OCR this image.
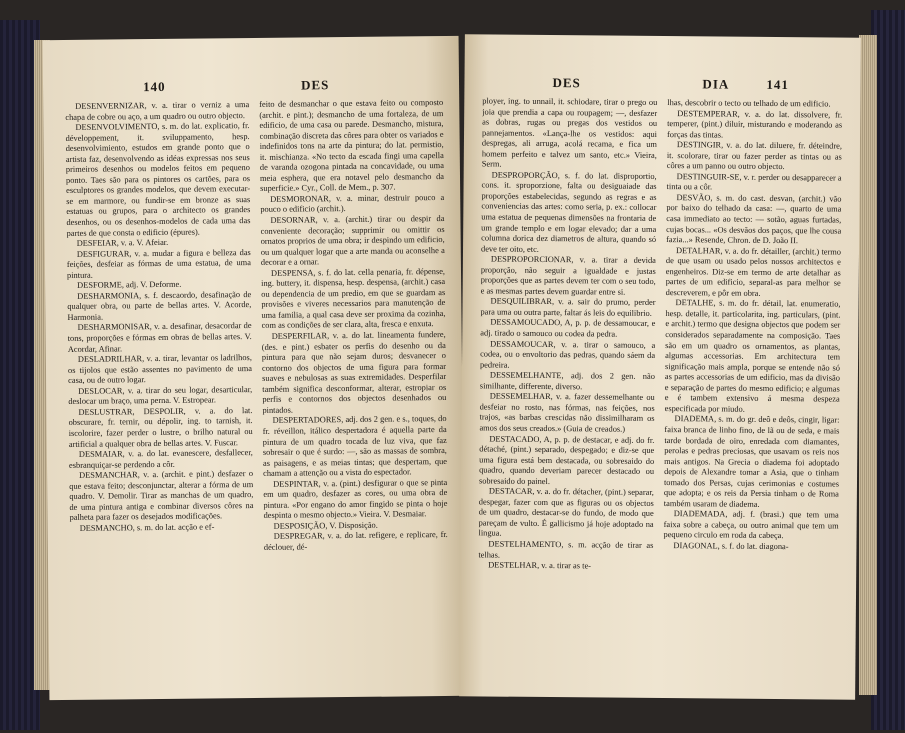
140	DES

DESENVERNIZAR, v. a. tirar o verniz a uma chapa de cobre ou aço, a um quadro ou outro objecto.

DESENVOLVIMENTO, s. m. do lat. explicatio, fr. développement, it. sviluppamento, hesp. desenvolvimiento, estudos em grande ponto que o artista faz, desenvolvendo as idéas expressas nos seus primeiros desenhos ou modelos feitos em pequeno ponto. Taes são para os pintores os cartões, para os esculptores os grandes modelos, que devem executar-se em marmore, ou fundir-se em bronze as suas estatuas ou grupos, para o architecto os grandes desenhos, ou os desenhos-modelos de cada uma das partes de que consta o edificio (épures).

DESFEIAR, v. a. V. Afeiar.

DESFIGURAR, v. a. mudar a figura e belleza das feições, desfeiar as fórmas de uma estatua, de uma pintura.

DESFORME, adj. V. Deforme.

DESHARMONIA, s. f. descaordo, desafinação de qualquer obra, ou parte de bellas artes. V. Acorde, Harmonia.

DESHARMONISAR, v. a. desafinar, desacordar de tons, proporções e fórmas em obras de bellas artes. V. Acordar, Afinar.

DESLADRILHAR, v. a. tirar, levantar os ladrilhos, os tijolos que estão assentes no pavimento de uma casa, ou de outro logar.

DESLOCAR, v. a. tirar do seu logar, desarticular, deslocar um braço, uma perna. V. Estropear.

DESLUSTRAR, DESPOLIR, v. a. do lat. obscurare, fr. ternir, ou dépolir, ing. to tarnish, it. iscolorire, fazer perder o lustre, o brilho natural ou artificial a qualquer obra de bellas artes. V. Fuscar.

DESMAIAR, v. a. do lat. evanescere, desfallecer, esbranquiçar-se perdendo a côr.

DESMANCHAR, v. a. (archit. e pint.) desfazer o que estava feito; desconjunctar, alterar a fórma de um quadro. V. Demolir. Tirar as manchas de um quadro, de uma pintura antiga e combinar diversos côres na palheta para fazer os desejados modificações.

DESMANCHO, s. m. do lat. acção e ef-

feito de desmanchar o que estava feito ou composto (archit. e pint.); desmancho de uma fortaleza, de um edificio, de uma casa ou parede. Desmancho, mistura, combinação discreta das côres para obter os variados e indefinidos tons na arte da pintura; do lat. permistio, it. mischianza. «No tecto da escada fingi uma capella de varanda ozogona pintada na concavidade, ou uma meia esphera, que era notavel pelo desmancho da superficie.» Cyr., Coll. de Mem., p. 307.

DESMORONAR, v. a. minar, destruir pouco a pouco o edificio (archit.).

DESORNAR, v. a. (archit.) tirar ou despir da conveniente decoração; supprimir ou omittir os ornatos proprios de uma obra; ir despindo um edificio, ou um qualquer logar que a arte manda ou aconselhe a decorar e a ornar.

DESPENSA, s. f. do lat. cella penaria, fr. dépense, ing. buttery, it. dispensa, hesp. despensa, (archit.) casa ou dependencia de um predio, em que se guardam as provisões e viveres necessarios para manutenção de uma familia, a qual casa deve ser proxima da cozinha, com as condições de ser clara, alta, fresca e enxuta.

DESPERFILAR, v. a. do lat. lineamenta fundere, (des. e pint.) esbater os perfis do desenho ou da pintura para que não sejam duros; desvanecer o contorno dos objectos de uma figura para formar suaves e nebulosas as suas extremidades. Desperfilar também significa desconformar, alterar, estropiar os perfis e contornos dos objectos desenhados ou pintados.

DESPERTADORES, adj. dos 2 gen. e s., toques, do fr. réveillon, itálico despertadora é aquella parte da pintura de um quadro tocada de luz viva, que faz sobresair o que é surdo: —, são as massas de sombra, as paisagens, e as meias tintas; que despertam, que chamam a attenção ou a vista do espectador.

DESPINTAR, v. a. (pint.) desfigurar o que se pinta em um quadro, desfazer as cores, ou uma obra de pintura. «Por engano do amor fingido se pinta o hoje despinta o mesmo objecto.» Vieira. V. Desmaiar.

DESPOSIÇÃO, V. Disposição.

DESPREGAR, v. a. do lat. refigere, e replicare, fr. déclouer, dé-

DES	DIA	141

ployer, ing. to unnail, it. schiodare, tirar o prego ou joia que prendia a capa ou roupagem; —, desfazer as dobras, rugas ou pregas dos vestidos ou pannejamentos. «Lança-lhe os vestidos: aqui despregas, ali arruga, acolá recama, e fica um homem perfeito e talvez um santo, etc.» Vieira, Serm.

DESPROPORÇÃO, s. f. do lat. disproportio, cons. it. sproporzione, falta ou desiguaiade das proporções estabelecidas, segundo as regras e as conveniencias das artes: como seria, p. ex.: collocar uma estatua de pequenas dimensões na frontaria de um grande templo e em logar elevado; dar a uma columna dorica dez diametros de altura, quando só deve ter oito, etc.

DESPROPORCIONAR, v. a. tirar a devida proporção, não seguir a igualdade e justas proporções que as partes devem ter com o seu todo, e as mesmas partes devem guardar entre si.

DESQUILIBRAR, v. a. sair do prumo, perder para uma ou outra parte, faltar ás leis do equilibrio.

DESSAMOUCADO, A, p. p. de dessamoucar, e adj. tirado o samouco ou codea da pedra.

DESSAMOUCAR, v. a. tirar o samouco, a codea, ou o envoltorio das pedras, quando sáem da pedreira.

DESSEMELHANTE, adj. dos 2 gen. não similhante, differente, diverso.

DESSEMELHAR, v. a. fazer dessemelhante ou desfeiar no rosto, nas fórmas, nas feições, nos trajos, «as barbas crescidas não dissimilharam os amos dos seus creados.» (Guia de creados.)

DESTACADO, A, p. p. de destacar, e adj. do fr. détaché, (pint.) separado, despegado; e diz-se que uma figura está bem destacada, ou sobresaido do quadro, quando deveriam parecer destacado ou sobresaido do painel.

DESTACAR, v. a. do fr. détacher, (pint.) separar, despegar, fazer com que as figuras ou os objectos de um quadro, destacar-se do fundo, de modo que pareçam de vulto. É gallicismo já hoje adoptado na lingua.

DESTELHAMENTO, s. m. acção de tirar as telhas.

DESTELHAR, v. a. tirar as te-

lhas, descobrir o tecto ou telhado de um edificio.

DESTEMPERAR, v. a. do lat. dissolvere, fr. temperer, (pint.) diluir, misturando e moderando as forças das tintas.

DESTINGIR, v. a. do lat. diluere, fr. déteindre, it. scolorare, tirar ou fazer perder as tintas ou as côres a um panno ou outro objecto.

DESTINGUIR-SE, v. r. perder ou desapparecer a tinta ou a côr.

DESVÃO, s. m. do cast. desvan, (archit.) vão por baixo do telhado da casa: —, quarto de uma casa immediato ao tecto: — sotão, aguas furtadas, cujas bocas... «Os desvãos dos paços, que lhe cousa fazia...» Resende, Chron. de D. João II.

DETALHAR, v. a. do fr. détailler, (archit.) termo de que usam ou usado pelos nossos architectos e engenheiros. Diz-se em termo de arte detalhar as partes de um edificio, separal-as para melhor se descreverem, e pôr em obra.

DETALHE, s. m. do fr. détail, lat. enumeratio, hesp. detalle, it. particolarita, ing. particulars, (pint. e archit.) termo que designa objectos que podem ser considerados separadamente na composição. Taes são em um quadro os ornamentos, as plantas, algumas accessorias. Em architectura tem significação mais ampla, porque se entende não só as partes accessorias de um edificio, mas da divisão e separação de partes do mesmo edificio; e algumas e é tambem extensivo á mesma despeza especificada por miudo.

DIADEMA, s. m. do gr. deô e deôs, cingir, ligar: faixa branca de linho fino, de lã ou de seda, e mais tarde bordada de oiro, enredada com diamantes, perolas e pedras preciosas, que usavam os reis nos mais antigos. Na Grecia o diadema foi adoptado depois de Alexandre tomar a Asia, que o tinham tomado dos Persas, cujas cerimonias e costumes que adopta; e os reis da Persia tinham o de Roma também usaram de diadema.

DIADEMADA, adj. f. (brasi.) que tem uma faixa sobre a cabeça, ou outro animal que tem um pequeno circulo em roda da cabeça.

DIAGONAL, s. f. do lat. diagona-
